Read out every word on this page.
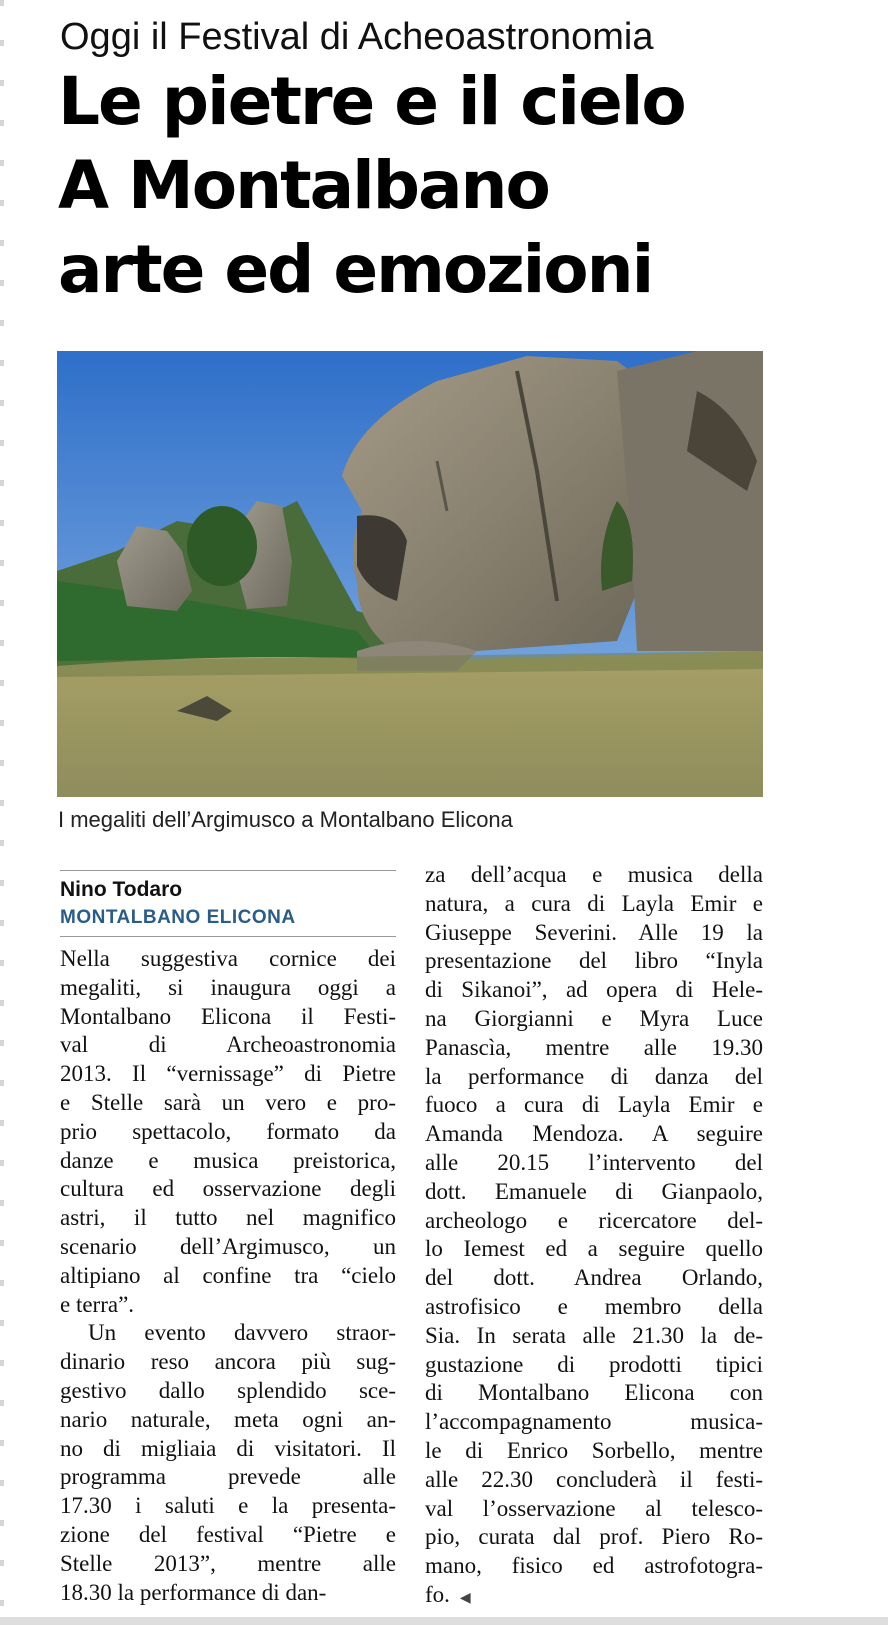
Oggi il Festival di Acheoastronomia
Le pietre e il cielo
A Montalbano
arte ed emozioni
I megaliti dell’Argimusco a Montalbano Elicona
Nino Todaro
MONTALBANO ELICONA
Nella suggestiva cornice dei
megaliti, si inaugura oggi a
Montalbano Elicona il Festi-
val di Archeoastronomia
2013. Il “vernissage” di Pietre
e Stelle sarà un vero e pro-
prio spettacolo, formato da
danze e musica preistorica,
cultura ed osservazione degli
astri, il tutto nel magnifico
scenario dell’Argimusco, un
altipiano al confine tra “cielo
e terra”.
Un evento davvero straor-
dinario reso ancora più sug-
gestivo dallo splendido sce-
nario naturale, meta ogni an-
no di migliaia di visitatori. Il
programma prevede alle
17.30 i saluti e la presenta-
zione del festival “Pietre e
Stelle 2013”, mentre alle
18.30 la performance di dan-
za dell’acqua e musica della
natura, a cura di Layla Emir e
Giuseppe Severini. Alle 19 la
presentazione del libro “Inyla
di Sikanoi”, ad opera di Hele-
na Giorgianni e Myra Luce
Panascìa, mentre alle 19.30
la performance di danza del
fuoco a cura di Layla Emir e
Amanda Mendoza. A seguire
alle 20.15 l’intervento del
dott. Emanuele di Gianpaolo,
archeologo e ricercatore del-
lo Iemest ed a seguire quello
del dott. Andrea Orlando,
astrofisico e membro della
Sia. In serata alle 21.30 la de-
gustazione di prodotti tipici
di Montalbano Elicona con
l’accompagnamento musica-
le di Enrico Sorbello, mentre
alle 22.30 concluderà il festi-
val l’osservazione al telesco-
pio, curata dal prof. Piero Ro-
mano, fisico ed astrofotogra-
fo. ◀
